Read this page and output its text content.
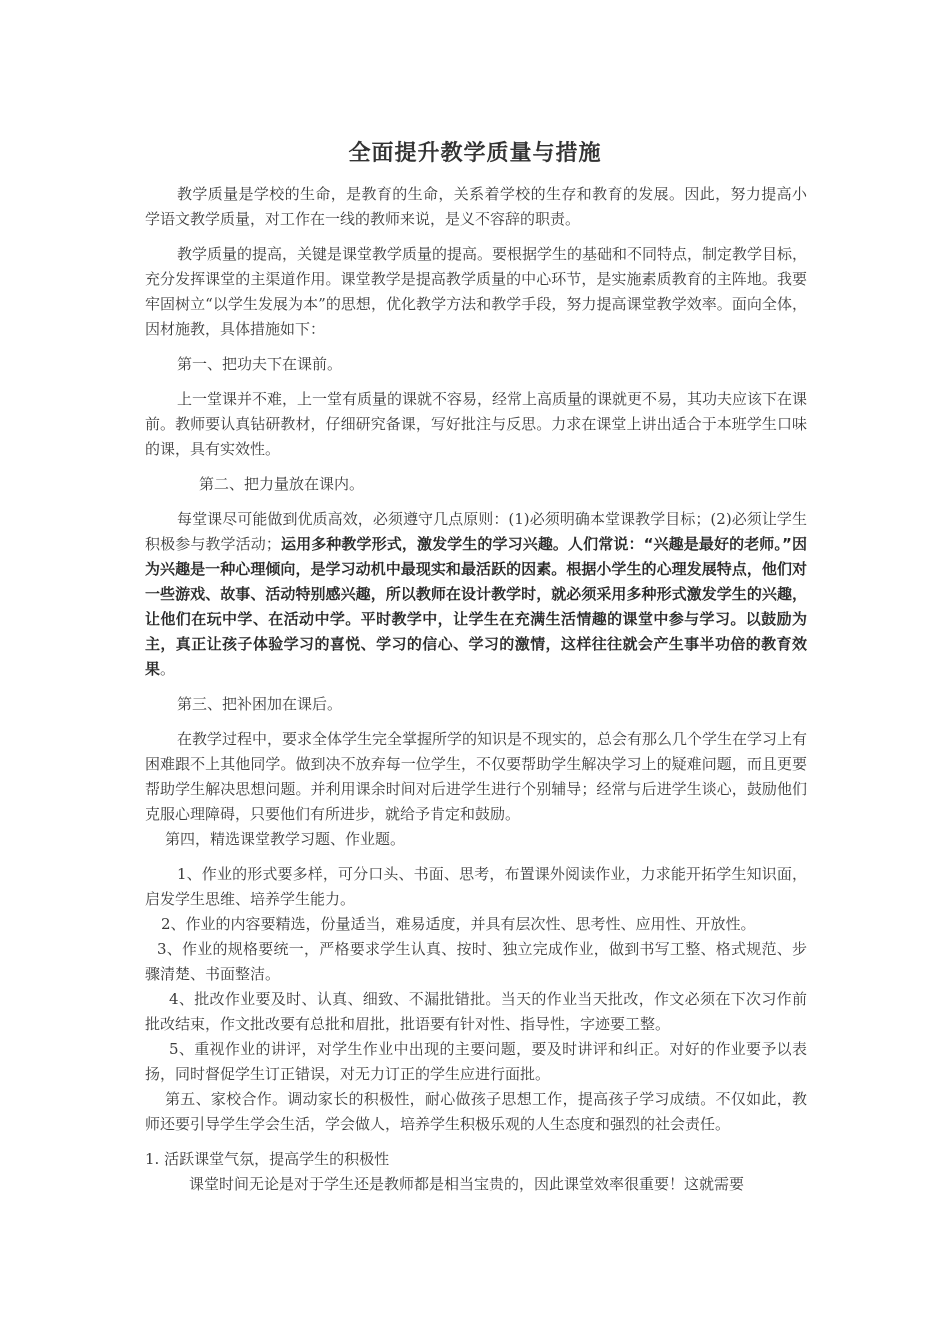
全面提升教学质量与措施

教学质量是学校的生命，是教育的生命，关系着学校的生存和教育的发展。因此，努力提高小学语文教学质量，对工作在一线的教师来说，是义不容辞的职责。

教学质量的提高，关键是课堂教学质量的提高。要根据学生的基础和不同特点，制定教学目标，充分发挥课堂的主渠道作用。课堂教学是提高教学质量的中心环节，是实施素质教育的主阵地。我要牢固树立“以学生发展为本”的思想，优化教学方法和教学手段，努力提高课堂教学效率。面向全体，因材施教，具体措施如下：

第一、把功夫下在课前。

上一堂课并不难，上一堂有质量的课就不容易，经常上高质量的课就更不易，其功夫应该下在课前。教师要认真钻研教材，仔细研究备课，写好批注与反思。力求在课堂上讲出适合于本班学生口味的课，具有实效性。

第二、把力量放在课内。

每堂课尽可能做到优质高效，必须遵守几点原则：(1)必须明确本堂课教学目标；(2)必须让学生积极参与教学活动；运用多种教学形式，激发学生的学习兴趣。人们常说：“兴趣是最好的老师。”因为兴趣是一种心理倾向，是学习动机中最现实和最活跃的因素。根据小学生的心理发展特点，他们对一些游戏、故事、活动特别感兴趣，所以教师在设计教学时，就必须采用多种形式激发学生的兴趣，让他们在玩中学、在活动中学。平时教学中，让学生在充满生活情趣的课堂中参与学习。以鼓励为主，真正让孩子体验学习的喜悦、学习的信心、学习的激情，这样往往就会产生事半功倍的教育效果。

第三、把补困加在课后。

在教学过程中，要求全体学生完全掌握所学的知识是不现实的，总会有那么几个学生在学习上有困难跟不上其他同学。做到决不放弃每一位学生，不仅要帮助学生解决学习上的疑难问题，而且更要帮助学生解决思想问题。并利用课余时间对后进学生进行个别辅导；经常与后进学生谈心，鼓励他们克服心理障碍，只要他们有所进步，就给予肯定和鼓励。

第四，精选课堂教学习题、作业题。

1、作业的形式要多样，可分口头、书面、思考，布置课外阅读作业，力求能开拓学生知识面，启发学生思维、培养学生能力。

2、作业的内容要精选，份量适当，难易适度，并具有层次性、思考性、应用性、开放性。

3、作业的规格要统一，严格要求学生认真、按时、独立完成作业，做到书写工整、格式规范、步骤清楚、书面整洁。

4、批改作业要及时、认真、细致、不漏批错批。当天的作业当天批改，作文必须在下次习作前批改结束，作文批改要有总批和眉批，批语要有针对性、指导性，字迹要工整。

5、重视作业的讲评，对学生作业中出现的主要问题，要及时讲评和纠正。对好的作业要予以表扬，同时督促学生订正错误，对无力订正的学生应进行面批。

第五、家校合作。调动家长的积极性，耐心做孩子思想工作，提高孩子学习成绩。不仅如此，教师还要引导学生学会生活，学会做人，培养学生积极乐观的人生态度和强烈的社会责任。

1. 活跃课堂气氛，提高学生的积极性

课堂时间无论是对于学生还是教师都是相当宝贵的，因此课堂效率很重要！这就需要
